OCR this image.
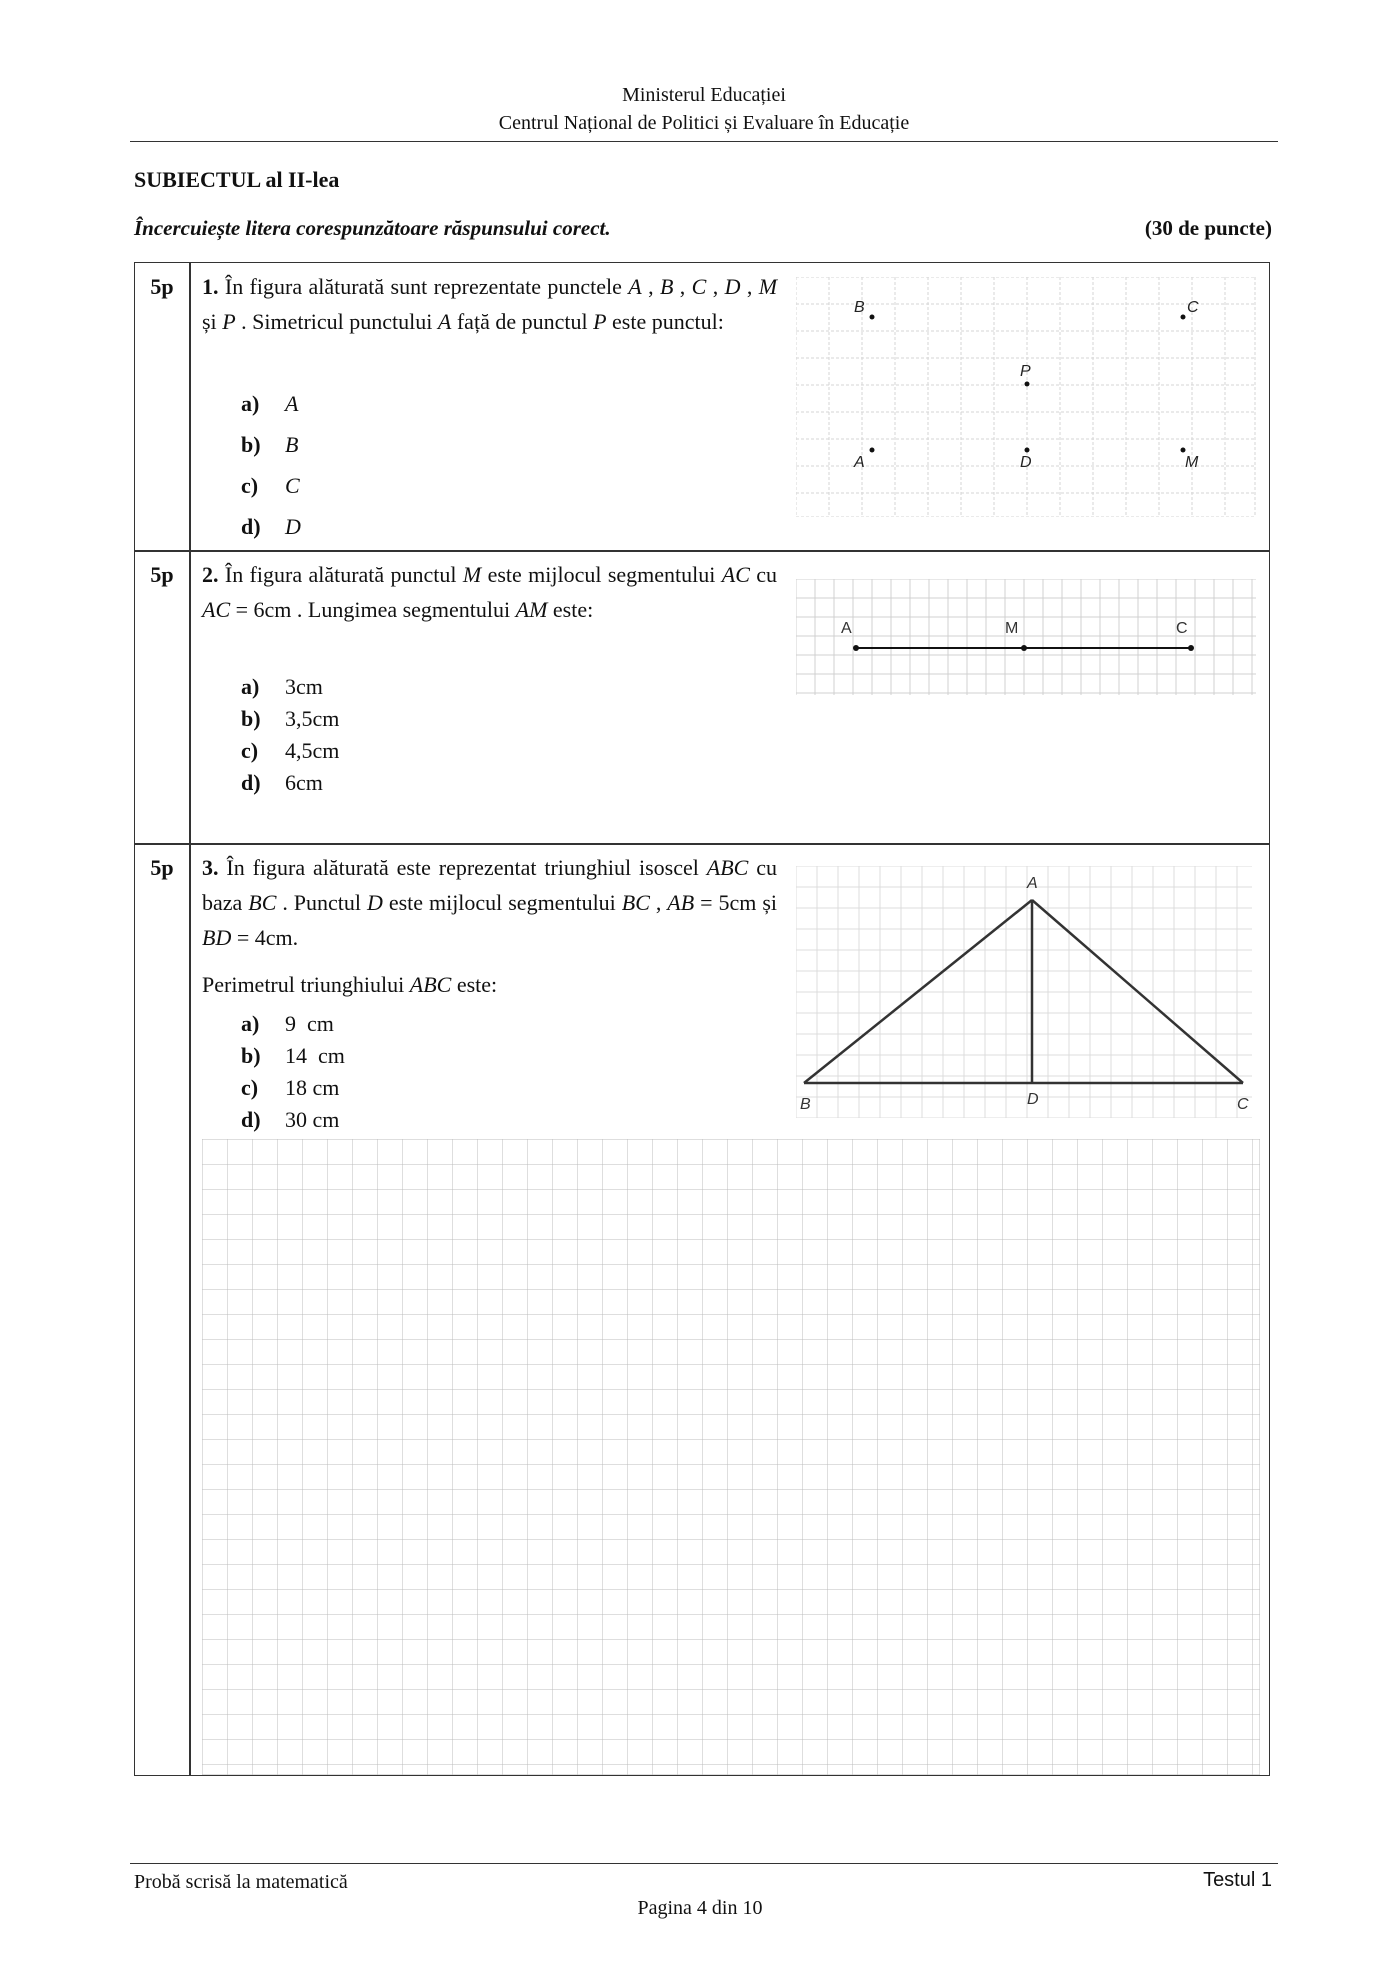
Ministerul Educației
Centrul Național de Politici și Evaluare în Educație
SUBIECTUL al II-lea
Încercuiește litera corespunzătoare răspunsului corect.	(30 de puncte)
5p	1. În figura alăturată sunt reprezentate punctele A , B , C , D , M și P . Simetricul punctului A față de punctul P este punctul:
a)	A
b)	B
c)	C
d)	D
B	C
P
A	D	M
5p	2. În figura alăturată punctul M este mijlocul segmentului AC cu AC = 6cm . Lungimea segmentului AM este:
a)	3cm
b)	3,5cm
c)	4,5cm
d)	6cm
A	M	C
5p	3. În figura alăturată este reprezentat triunghiul isoscel ABC cu baza BC . Punctul D este mijlocul segmentului BC , AB = 5cm și BD = 4cm.
Perimetrul triunghiului ABC este:
a)	9  cm
b)	14  cm
c)	18 cm
d)	30 cm
A
B	D	C
Probă scrisă la matematică	Testul 1
Pagina 4 din 10
